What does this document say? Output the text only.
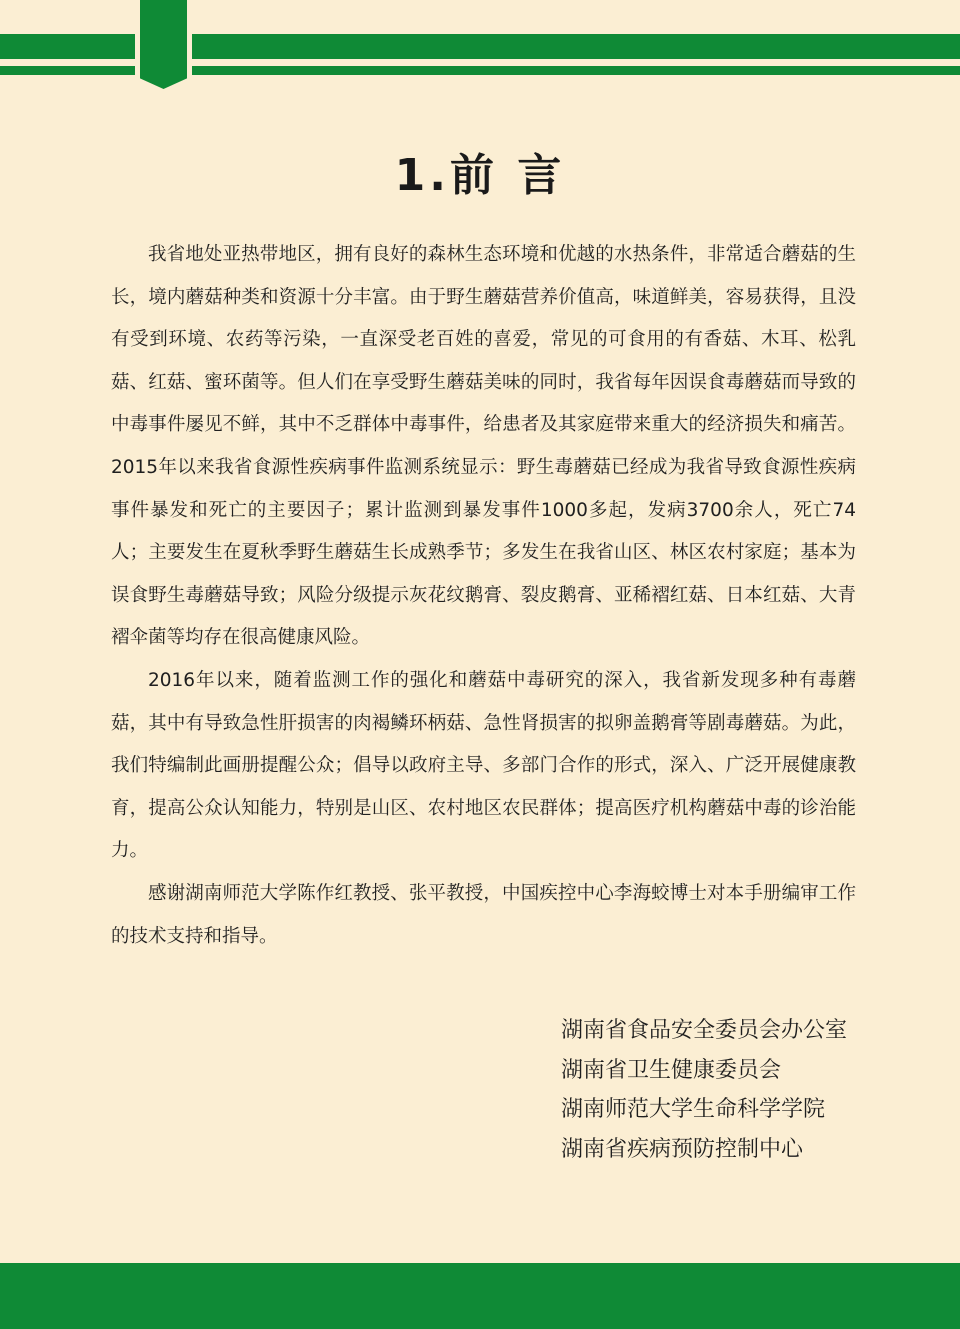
1.前 言

我省地处亚热带地区，拥有良好的森林生态环境和优越的水热条件，非常适合蘑菇的生长，境内蘑菇种类和资源十分丰富。由于野生蘑菇营养价值高，味道鲜美，容易获得，且没有受到环境、农药等污染，一直深受老百姓的喜爱，常见的可食用的有香菇、木耳、松乳菇、红菇、蜜环菌等。但人们在享受野生蘑菇美味的同时，我省每年因误食毒蘑菇而导致的中毒事件屡见不鲜，其中不乏群体中毒事件，给患者及其家庭带来重大的经济损失和痛苦。2015年以来我省食源性疾病事件监测系统显示：野生毒蘑菇已经成为我省导致食源性疾病事件暴发和死亡的主要因子；累计监测到暴发事件1000多起，发病3700余人，死亡74人；主要发生在夏秋季野生蘑菇生长成熟季节；多发生在我省山区、林区农村家庭；基本为误食野生毒蘑菇导致；风险分级提示灰花纹鹅膏、裂皮鹅膏、亚稀褶红菇、日本红菇、大青褶伞菌等均存在很高健康风险。

2016年以来，随着监测工作的强化和蘑菇中毒研究的深入，我省新发现多种有毒蘑菇，其中有导致急性肝损害的肉褐鳞环柄菇、急性肾损害的拟卵盖鹅膏等剧毒蘑菇。为此，我们特编制此画册提醒公众；倡导以政府主导、多部门合作的形式，深入、广泛开展健康教育，提高公众认知能力，特别是山区、农村地区农民群体；提高医疗机构蘑菇中毒的诊治能力。

感谢湖南师范大学陈作红教授、张平教授，中国疾控中心李海蛟博士对本手册编审工作的技术支持和指导。

湖南省食品安全委员会办公室
湖南省卫生健康委员会
湖南师范大学生命科学学院
湖南省疾病预防控制中心
